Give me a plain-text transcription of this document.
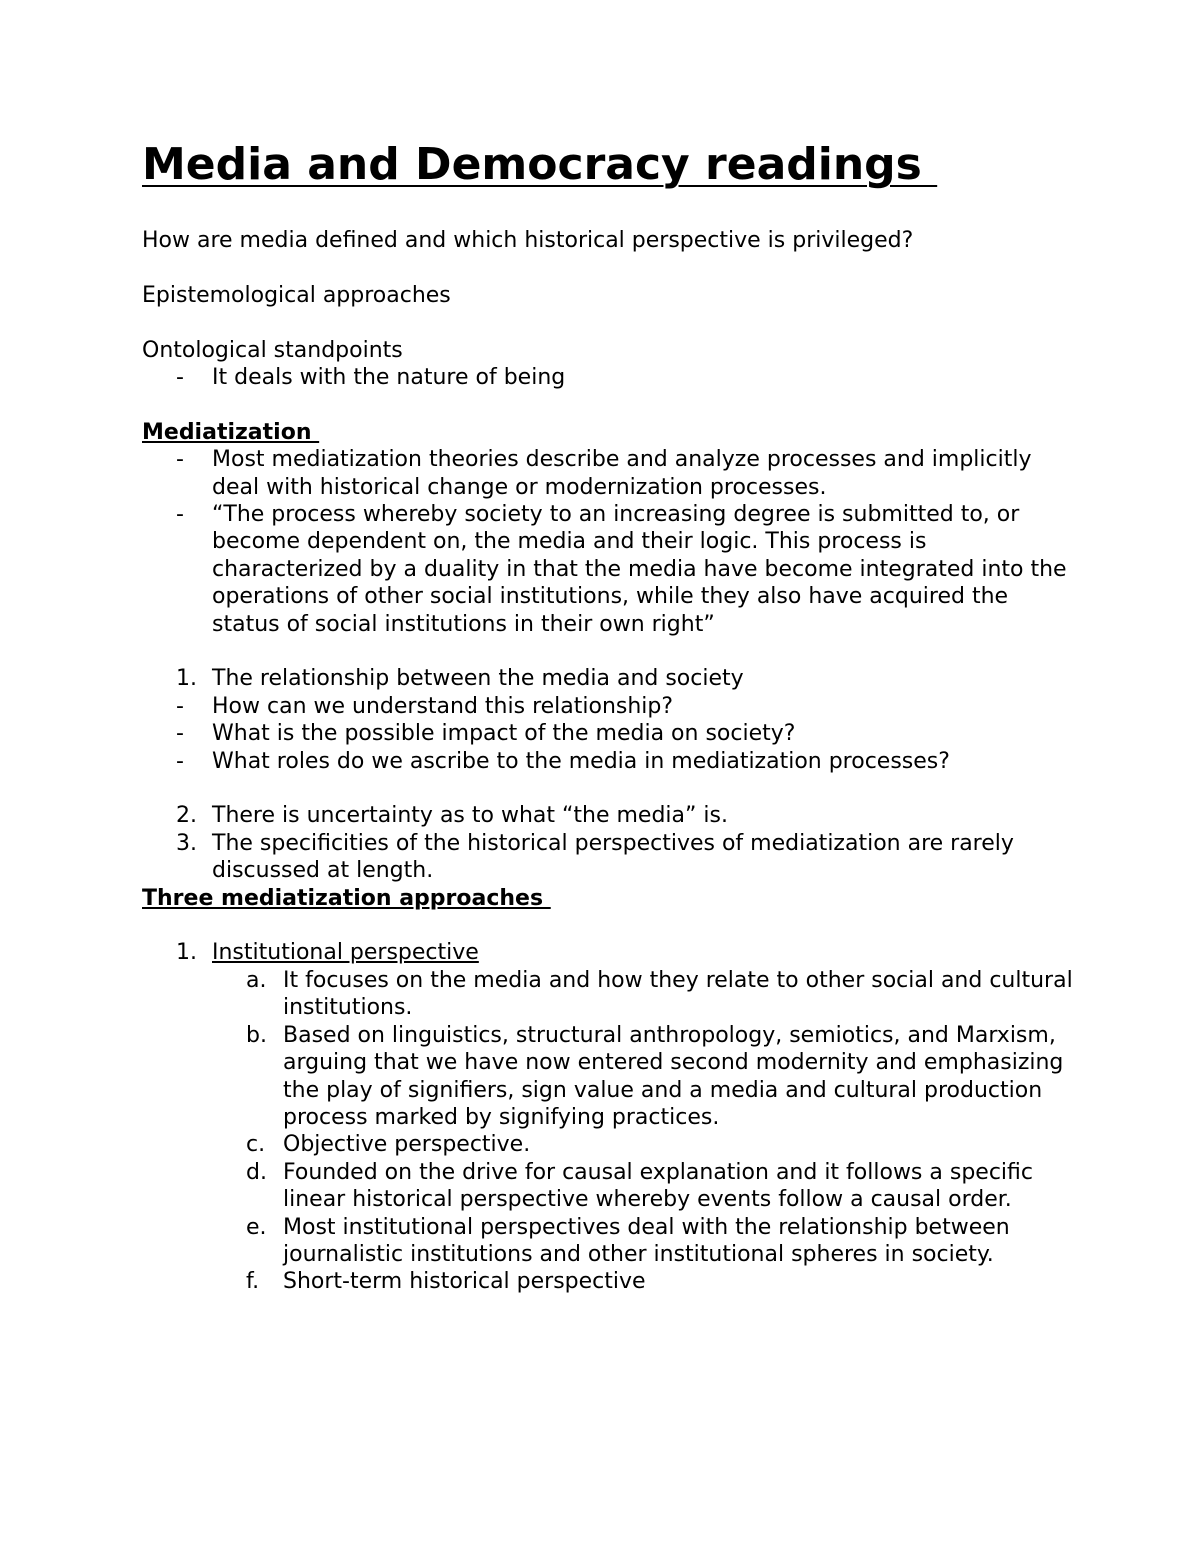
Media and Democracy readings

How are media defined and which historical perspective is privileged?

Epistemological approaches

Ontological standpoints

- It deals with the nature of being

Mediatization

- Most mediatization theories describe and analyze processes and implicitly deal with historical change or modernization processes.
- “The process whereby society to an increasing degree is submitted to, or become dependent on, the media and their logic. This process is characterized by a duality in that the media have become integrated into the operations of other social institutions, while they also have acquired the status of social institutions in their own right”
1. The relationship between the media and society
- How can we understand this relationship?
- What is the possible impact of the media on society?
- What roles do we ascribe to the media in mediatization processes?
2. There is uncertainty as to what “the media” is.
3. The specificities of the historical perspectives of mediatization are rarely discussed at length.

Three mediatization approaches

1. Institutional perspective
a. It focuses on the media and how they relate to other social and cultural institutions.
b. Based on linguistics, structural anthropology, semiotics, and Marxism, arguing that we have now entered second modernity and emphasizing the play of signifiers, sign value and a media and cultural production process marked by signifying practices.
c. Objective perspective.
d. Founded on the drive for causal explanation and it follows a specific linear historical perspective whereby events follow a causal order.
e. Most institutional perspectives deal with the relationship between journalistic institutions and other institutional spheres in society.
f. Short-term historical perspective
